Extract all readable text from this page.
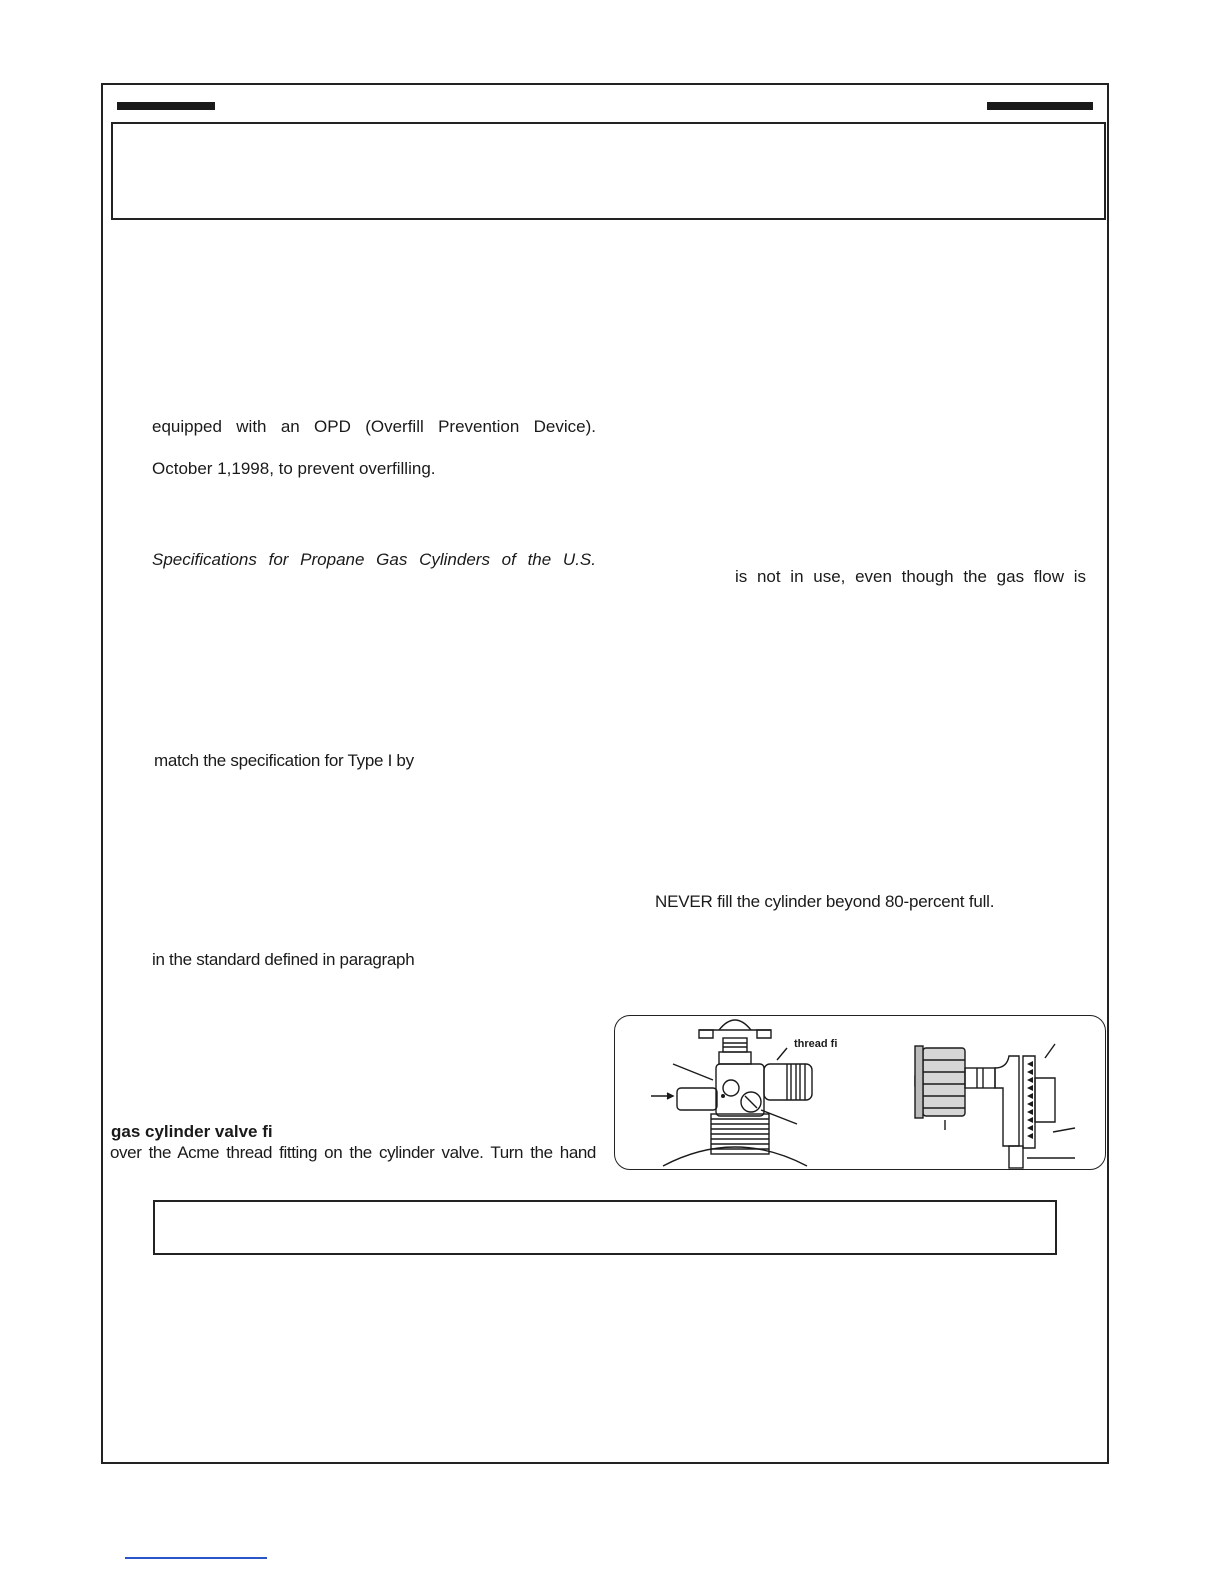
equipped with an OPD (Overfill Prevention Device).
October 1,1998, to prevent overfilling.
Specifications for Propane Gas Cylinders of the U.S.
match the specification for Type I by
in the standard defined in paragraph
gas cylinder valve fi
over the Acme thread fitting on the cylinder valve. Turn the hand
is not in use, even though the gas flow is
NEVER fill the cylinder beyond 80-percent full.
thread fi
